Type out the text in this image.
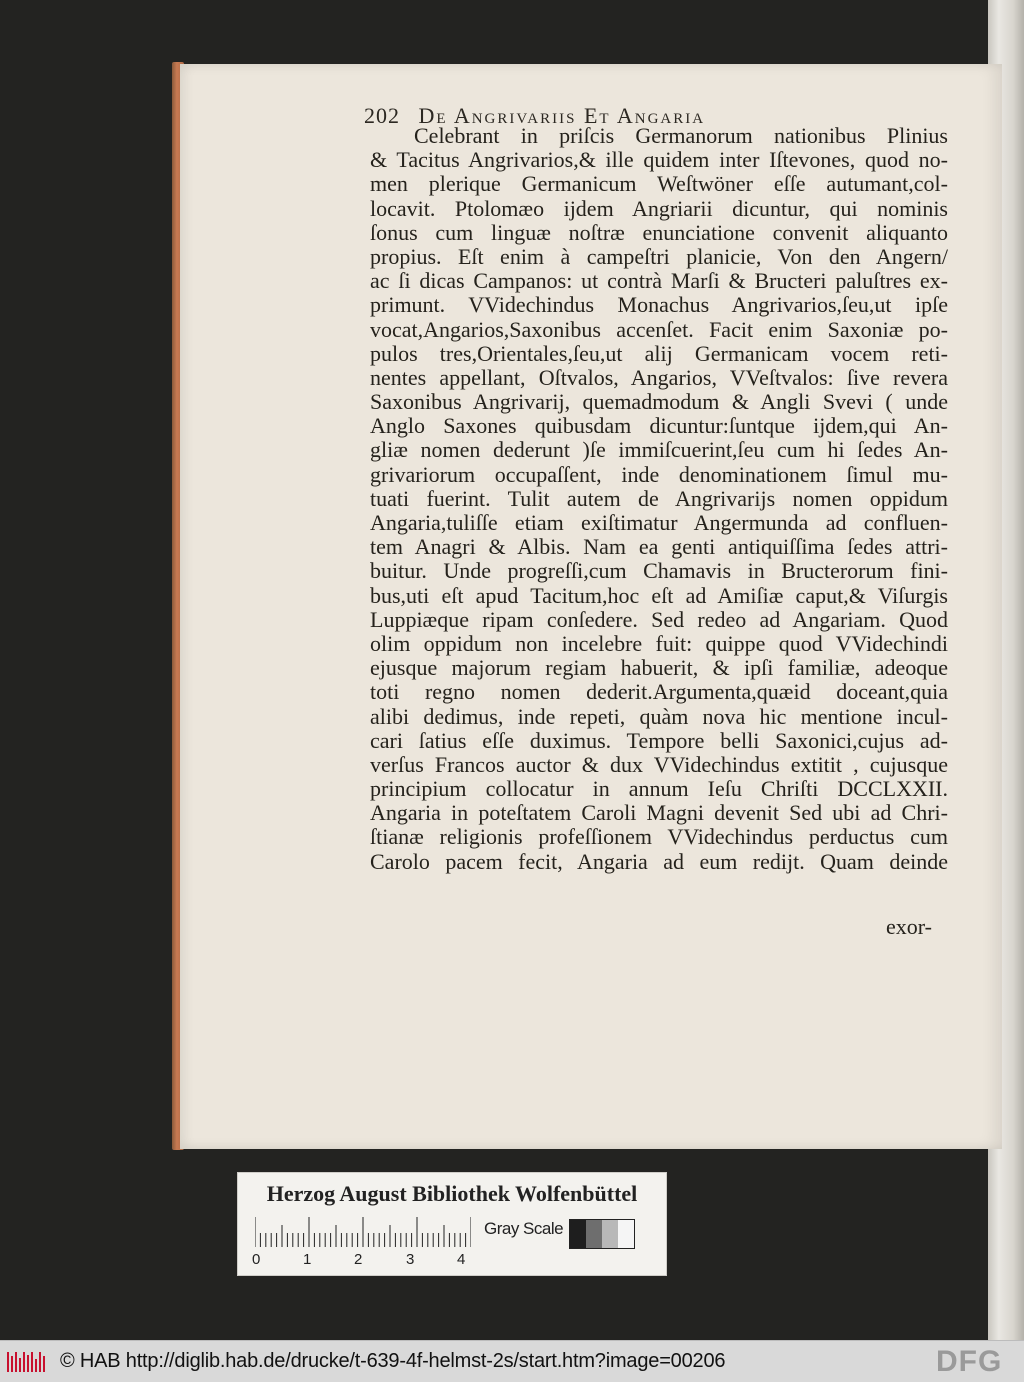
202 De Angrivariis Et Angaria
Celebrant in priſcis Germanorum nationibus Plinius
& Tacitus Angrivarios,& ille quidem inter Iſtevones, quod no-
men plerique Germanicum Weſtwöner eſſe autumant,col-
locavit. Ptolomæo ijdem Angriarii dicuntur, qui nominis
ſonus cum linguæ noſtræ enunciatione convenit aliquanto
propius. Eſt enim à campeſtri planicie, Von den Angern/
ac ſi dicas Campanos: ut contrà Marſi & Bructeri paluſtres ex-
primunt. VVidechindus Monachus Angrivarios,ſeu,ut ipſe
vocat,Angarios,Saxonibus accenſet. Facit enim Saxoniæ po-
pulos tres,Orientales,ſeu,ut alij Germanicam vocem reti-
nentes appellant, Oſtvalos, Angarios, VVeſtvalos: ſive revera
Saxonibus Angrivarij, quemadmodum & Angli Svevi ( unde
Anglo Saxones quibusdam dicuntur:ſuntque ijdem,qui An-
gliæ nomen dederunt )ſe immiſcuerint,ſeu cum hi ſedes An-
grivariorum occupaſſent, inde denominationem ſimul mu-
tuati fuerint. Tulit autem de Angrivarijs nomen oppidum
Angaria,tuliſſe etiam exiſtimatur Angermunda ad confluen-
tem Anagri & Albis. Nam ea genti antiquiſſima ſedes attri-
buitur. Unde progreſſi,cum Chamavis in Bructerorum fini-
bus,uti eſt apud Tacitum,hoc eſt ad Amiſiæ caput,& Viſurgis
Luppiæque ripam conſedere. Sed redeo ad Angariam. Quod
olim oppidum non incelebre fuit: quippe quod VVidechindi
ejusque majorum regiam habuerit, & ipſi familiæ, adeoque
toti regno nomen dederit.Argumenta,quæid doceant,quia
alibi dedimus, inde repeti, quàm nova hic mentione incul-
cari ſatius eſſe duximus. Tempore belli Saxonici,cujus ad-
verſus Francos auctor & dux VVidechindus extitit , cujusque
principium collocatur in annum Ieſu Chriſti DCCLXXII.
Angaria in poteſtatem Caroli Magni devenit Sed ubi ad Chri-
ſtianæ religionis profeſſionem VVidechindus perductus cum
Carolo pacem fecit, Angaria ad eum redijt. Quam deinde
exor-
Herzog August Bibliothek Wolfenbüttel
0	1	2	3	4
Gray Scale
© HAB http://diglib.hab.de/drucke/t-639-4f-helmst-2s/start.htm?image=00206	DFG
